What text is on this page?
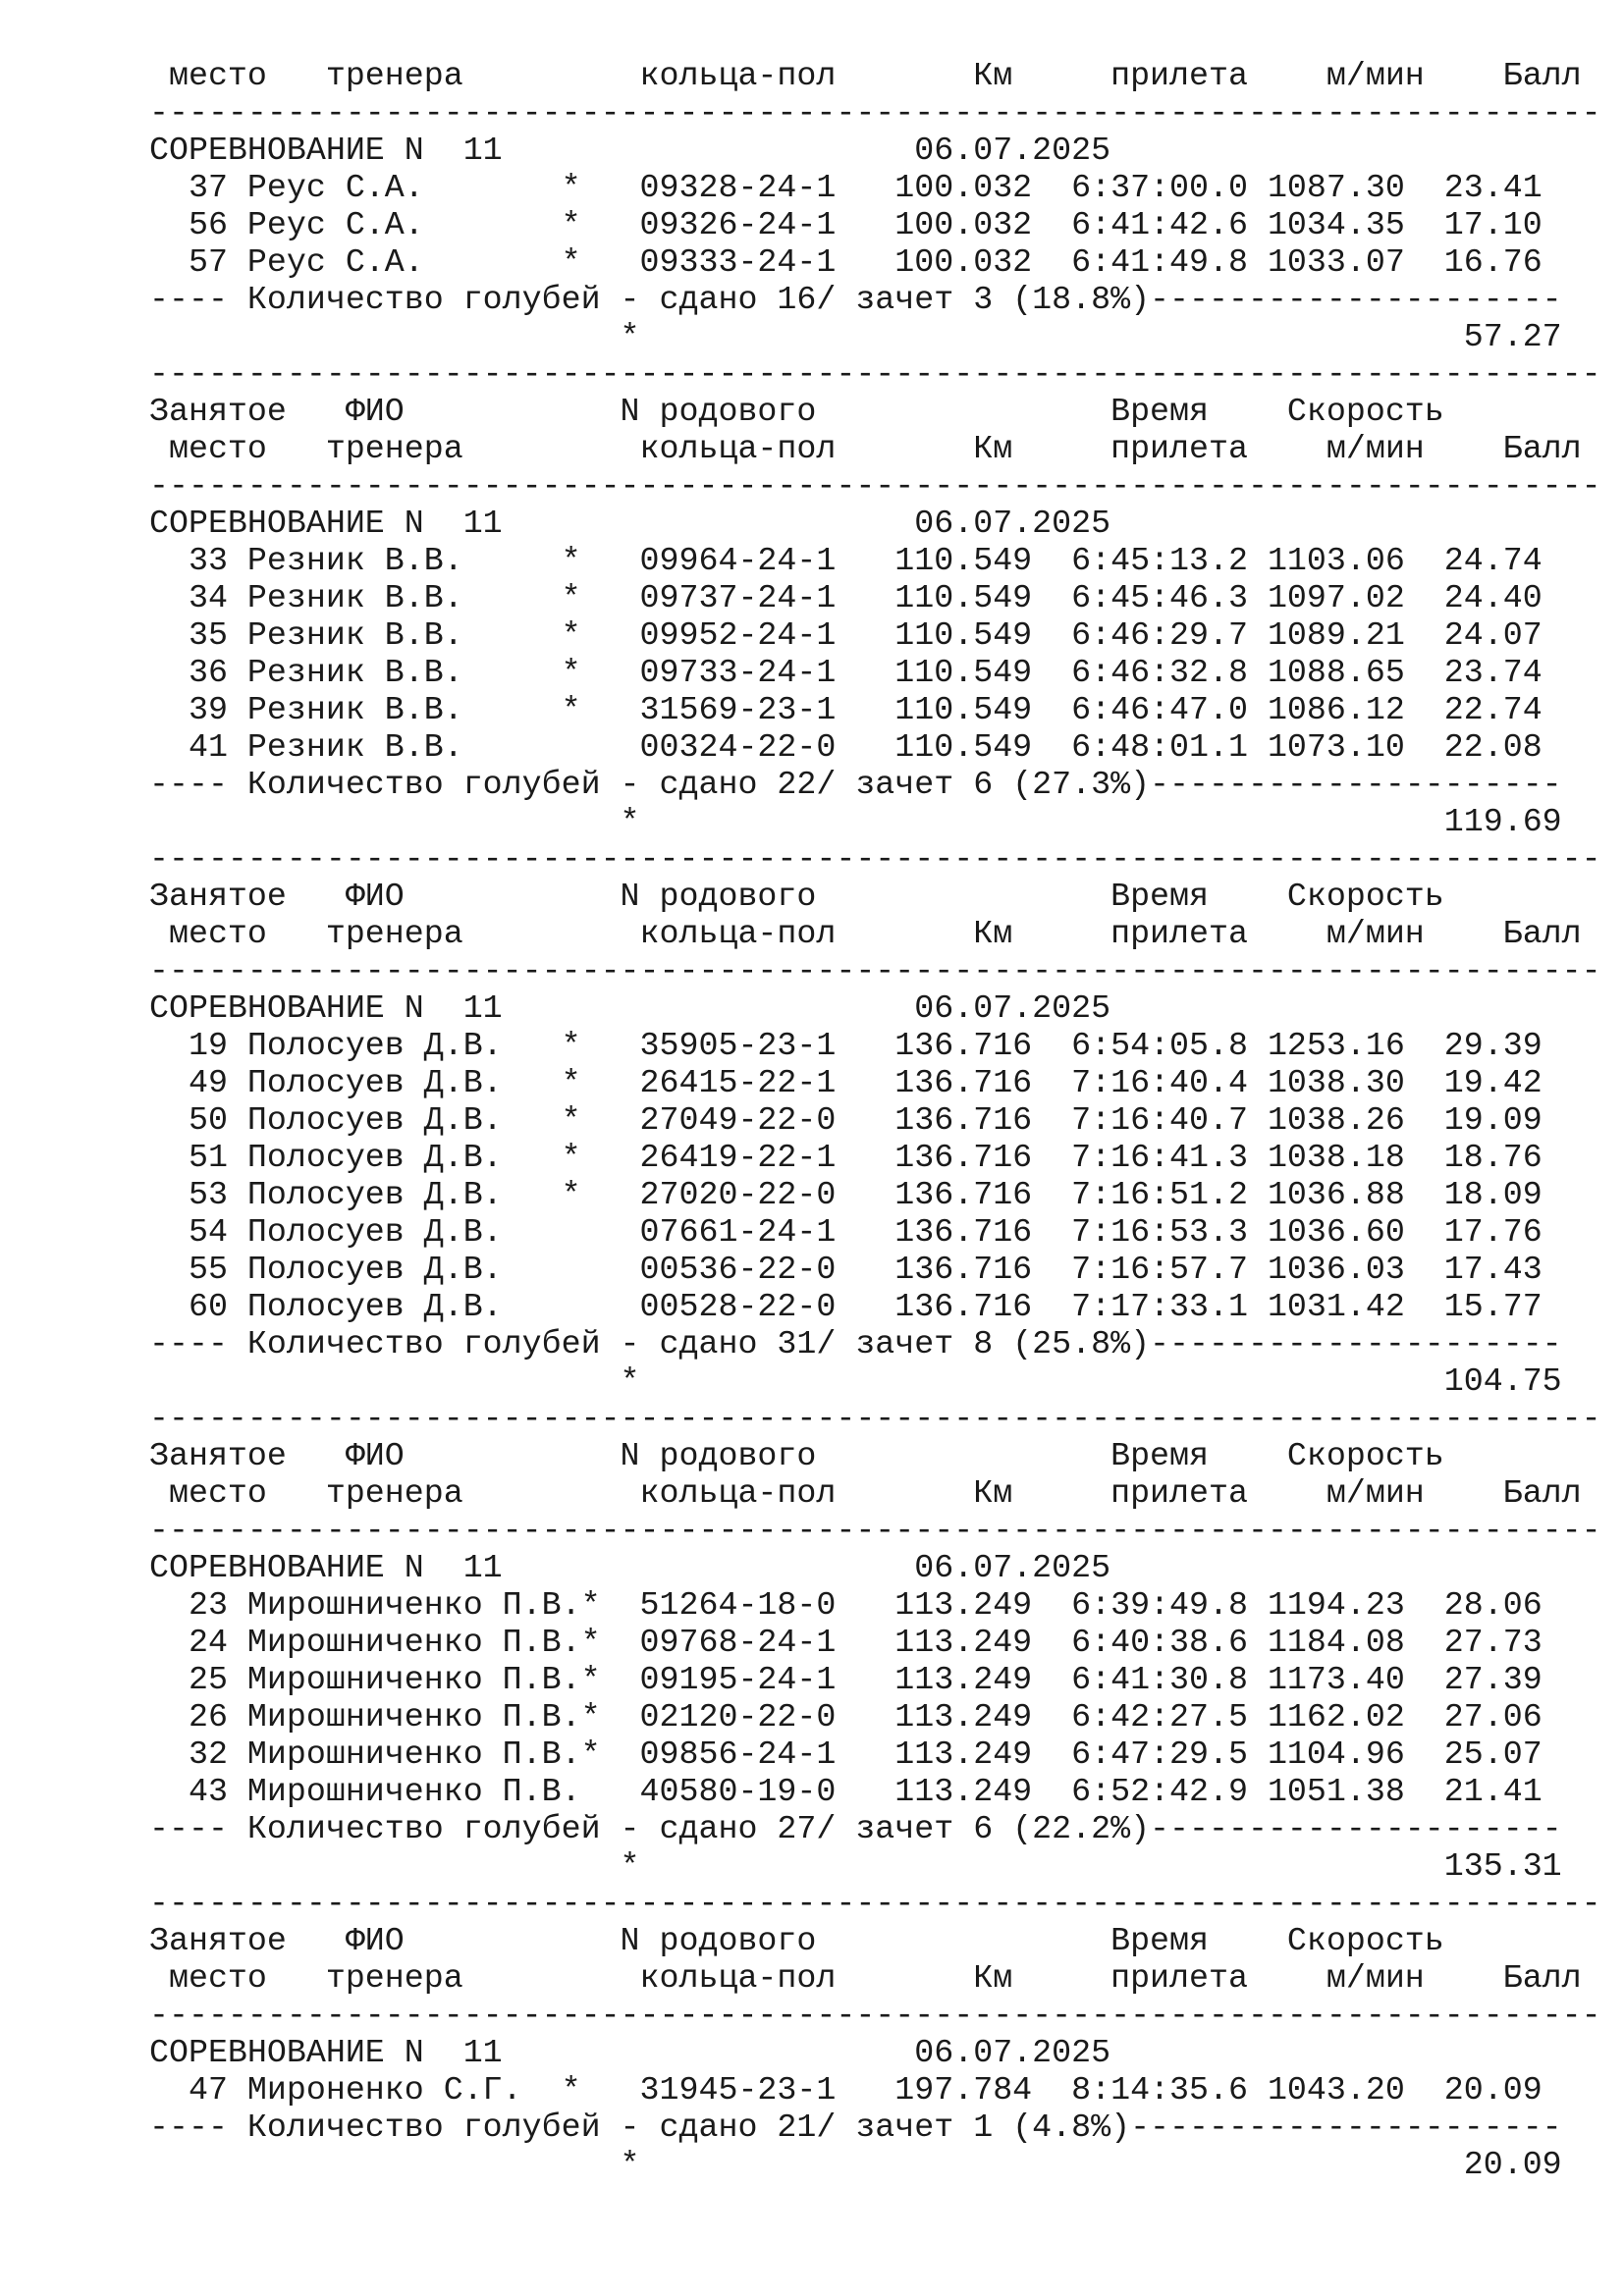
место   тренера         кольца-пол       Км     прилета    м/мин    Балл
--------------------------------------------------------------------------
СОРЕВНОВАНИЕ N  11                     06.07.2025
37 Реус С.А.       *   09328-24-1   100.032  6:37:00.0 1087.30  23.41
56 Реус С.А.       *   09326-24-1   100.032  6:41:42.6 1034.35  17.10
57 Реус С.А.       *   09333-24-1   100.032  6:41:49.8 1033.07  16.76
---- Количество голубей - сдано 16/ зачет 3 (18.8%)---------------------
*                                          57.27
--------------------------------------------------------------------------
Занятое   ФИО           N родового               Время    Скорость
место   тренера         кольца-пол       Км     прилета    м/мин    Балл
--------------------------------------------------------------------------
СОРЕВНОВАНИЕ N  11                     06.07.2025
33 Резник В.В.     *   09964-24-1   110.549  6:45:13.2 1103.06  24.74
34 Резник В.В.     *   09737-24-1   110.549  6:45:46.3 1097.02  24.40
35 Резник В.В.     *   09952-24-1   110.549  6:46:29.7 1089.21  24.07
36 Резник В.В.     *   09733-24-1   110.549  6:46:32.8 1088.65  23.74
39 Резник В.В.     *   31569-23-1   110.549  6:46:47.0 1086.12  22.74
41 Резник В.В.         00324-22-0   110.549  6:48:01.1 1073.10  22.08
---- Количество голубей - сдано 22/ зачет 6 (27.3%)---------------------
*                                         119.69
--------------------------------------------------------------------------
Занятое   ФИО           N родового               Время    Скорость
место   тренера         кольца-пол       Км     прилета    м/мин    Балл
--------------------------------------------------------------------------
СОРЕВНОВАНИЕ N  11                     06.07.2025
19 Полосуев Д.В.   *   35905-23-1   136.716  6:54:05.8 1253.16  29.39
49 Полосуев Д.В.   *   26415-22-1   136.716  7:16:40.4 1038.30  19.42
50 Полосуев Д.В.   *   27049-22-0   136.716  7:16:40.7 1038.26  19.09
51 Полосуев Д.В.   *   26419-22-1   136.716  7:16:41.3 1038.18  18.76
53 Полосуев Д.В.   *   27020-22-0   136.716  7:16:51.2 1036.88  18.09
54 Полосуев Д.В.       07661-24-1   136.716  7:16:53.3 1036.60  17.76
55 Полосуев Д.В.       00536-22-0   136.716  7:16:57.7 1036.03  17.43
60 Полосуев Д.В.       00528-22-0   136.716  7:17:33.1 1031.42  15.77
---- Количество голубей - сдано 31/ зачет 8 (25.8%)---------------------
*                                         104.75
--------------------------------------------------------------------------
Занятое   ФИО           N родового               Время    Скорость
место   тренера         кольца-пол       Км     прилета    м/мин    Балл
--------------------------------------------------------------------------
СОРЕВНОВАНИЕ N  11                     06.07.2025
23 Мирошниченко П.В.*  51264-18-0   113.249  6:39:49.8 1194.23  28.06
24 Мирошниченко П.В.*  09768-24-1   113.249  6:40:38.6 1184.08  27.73
25 Мирошниченко П.В.*  09195-24-1   113.249  6:41:30.8 1173.40  27.39
26 Мирошниченко П.В.*  02120-22-0   113.249  6:42:27.5 1162.02  27.06
32 Мирошниченко П.В.*  09856-24-1   113.249  6:47:29.5 1104.96  25.07
43 Мирошниченко П.В.   40580-19-0   113.249  6:52:42.9 1051.38  21.41
---- Количество голубей - сдано 27/ зачет 6 (22.2%)---------------------
*                                         135.31
--------------------------------------------------------------------------
Занятое   ФИО           N родового               Время    Скорость
место   тренера         кольца-пол       Км     прилета    м/мин    Балл
--------------------------------------------------------------------------
СОРЕВНОВАНИЕ N  11                     06.07.2025
47 Мироненко С.Г.  *   31945-23-1   197.784  8:14:35.6 1043.20  20.09
---- Количество голубей - сдано 21/ зачет 1 (4.8%)----------------------
*                                          20.09
